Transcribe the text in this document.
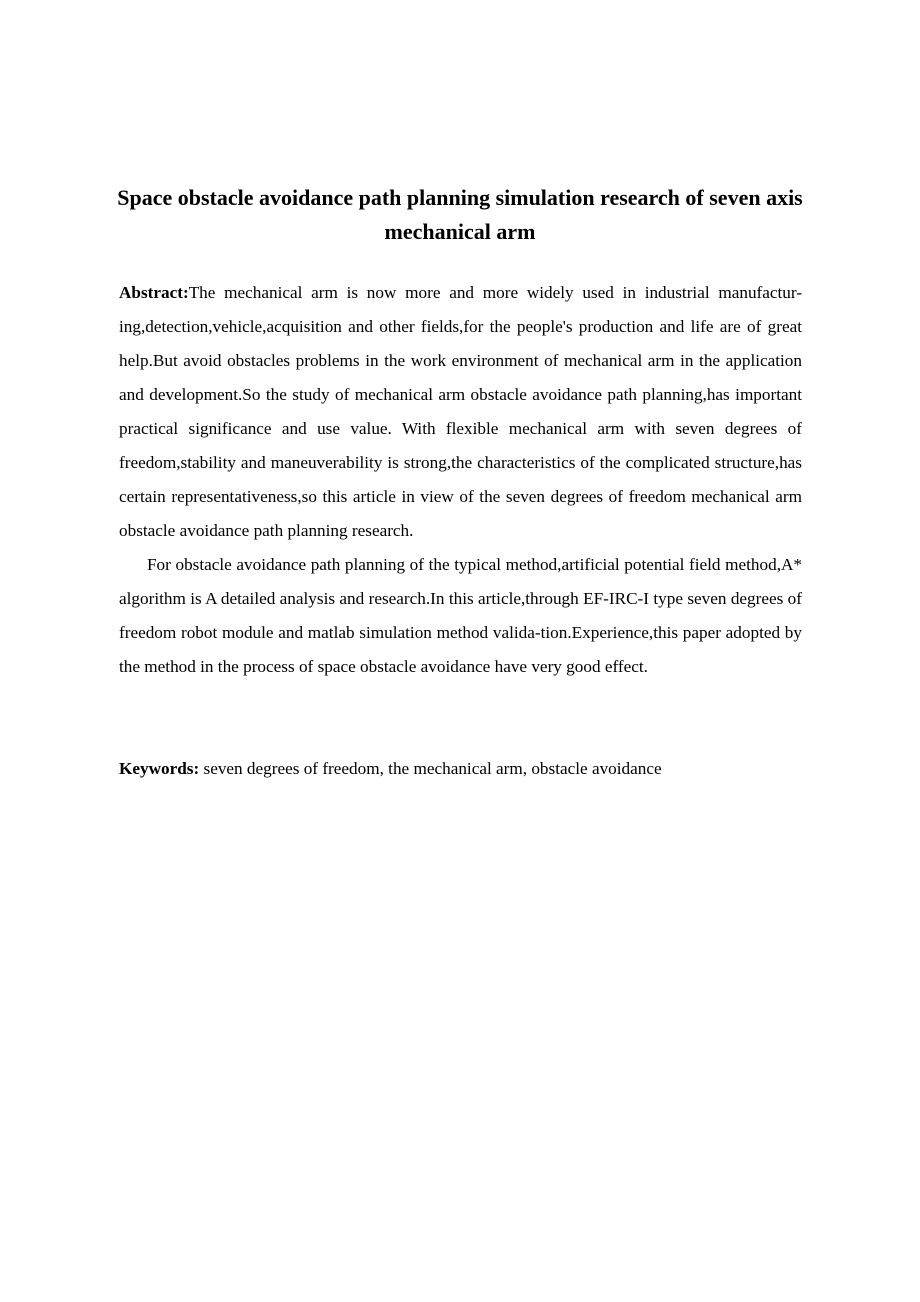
Space obstacle avoidance path planning simulation research of seven axis mechanical arm

Abstract:The mechanical arm is now more and more widely used in industrial manufactur-ing,detection,vehicle,acquisition and other fields,for the people's production and life are of great help.But avoid obstacles problems in the work environment of mechanical arm in the application and development.So the study of mechanical arm obstacle avoidance path planning,has important practical significance and use value. With flexible mechanical arm with seven degrees of freedom,stability and maneuverability is strong,the characteristics of the complicated structure,has certain representativeness,so this article in view of the seven degrees of freedom mechanical arm obstacle avoidance path planning research.

For obstacle avoidance path planning of the typical method,artificial potential field method,A* algorithm is A detailed analysis and research.In this article,through EF-IRC-I type seven degrees of freedom robot module and matlab simulation method valida-tion.Experience,this paper adopted by the method in the process of space obstacle avoidance have very good effect.

Keywords: seven degrees of freedom, the mechanical arm, obstacle avoidance
